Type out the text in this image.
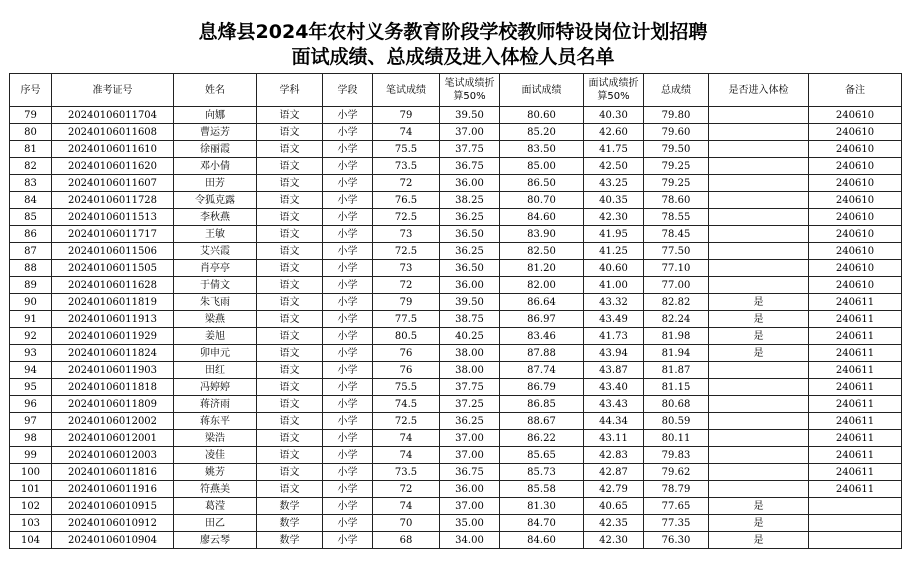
息烽县2024年农村义务教育阶段学校教师特设岗位计划招聘
面试成绩、总成绩及进入体检人员名单
序号	准考证号	姓名	学科	学段	笔试成绩	笔试成绩折
算50%	面试成绩	面试成绩折
算50%	总成绩	是否进入体检	备注
79	20240106011704	向娜	语文	小学	79	39.50	80.60	40.30	79.80		240610
80	20240106011608	曹运芳	语文	小学	74	37.00	85.20	42.60	79.60		240610
81	20240106011610	徐丽霞	语文	小学	75.5	37.75	83.50	41.75	79.50		240610
82	20240106011620	邓小倩	语文	小学	73.5	36.75	85.00	42.50	79.25		240610
83	20240106011607	田芳	语文	小学	72	36.00	86.50	43.25	79.25		240610
84	20240106011728	令狐克露	语文	小学	76.5	38.25	80.70	40.35	78.60		240610
85	20240106011513	李秋燕	语文	小学	72.5	36.25	84.60	42.30	78.55		240610
86	20240106011717	王敏	语文	小学	73	36.50	83.90	41.95	78.45		240610
87	20240106011506	艾兴霞	语文	小学	72.5	36.25	82.50	41.25	77.50		240610
88	20240106011505	肖亭亭	语文	小学	73	36.50	81.20	40.60	77.10		240610
89	20240106011628	于倩文	语文	小学	72	36.00	82.00	41.00	77.00		240610
90	20240106011819	朱飞雨	语文	小学	79	39.50	86.64	43.32	82.82	是	240611
91	20240106011913	梁燕	语文	小学	77.5	38.75	86.97	43.49	82.24	是	240611
92	20240106011929	姜旭	语文	小学	80.5	40.25	83.46	41.73	81.98	是	240611
93	20240106011824	卯申元	语文	小学	76	38.00	87.88	43.94	81.94	是	240611
94	20240106011903	田红	语文	小学	76	38.00	87.74	43.87	81.87		240611
95	20240106011818	冯婷婷	语文	小学	75.5	37.75	86.79	43.40	81.15		240611
96	20240106011809	蒋济雨	语文	小学	74.5	37.25	86.85	43.43	80.68		240611
97	20240106012002	蒋东平	语文	小学	72.5	36.25	88.67	44.34	80.59		240611
98	20240106012001	梁浩	语文	小学	74	37.00	86.22	43.11	80.11		240611
99	20240106012003	凌佳	语文	小学	74	37.00	85.65	42.83	79.83		240611
100	20240106011816	姚芳	语文	小学	73.5	36.75	85.73	42.87	79.62		240611
101	20240106011916	符燕美	语文	小学	72	36.00	85.58	42.79	78.79		240611
102	20240106010915	葛滢	数学	小学	74	37.00	81.30	40.65	77.65	是	
103	20240106010912	田乙	数学	小学	70	35.00	84.70	42.35	77.35	是	
104	20240106010904	廖云琴	数学	小学	68	34.00	84.60	42.30	76.30	是	
